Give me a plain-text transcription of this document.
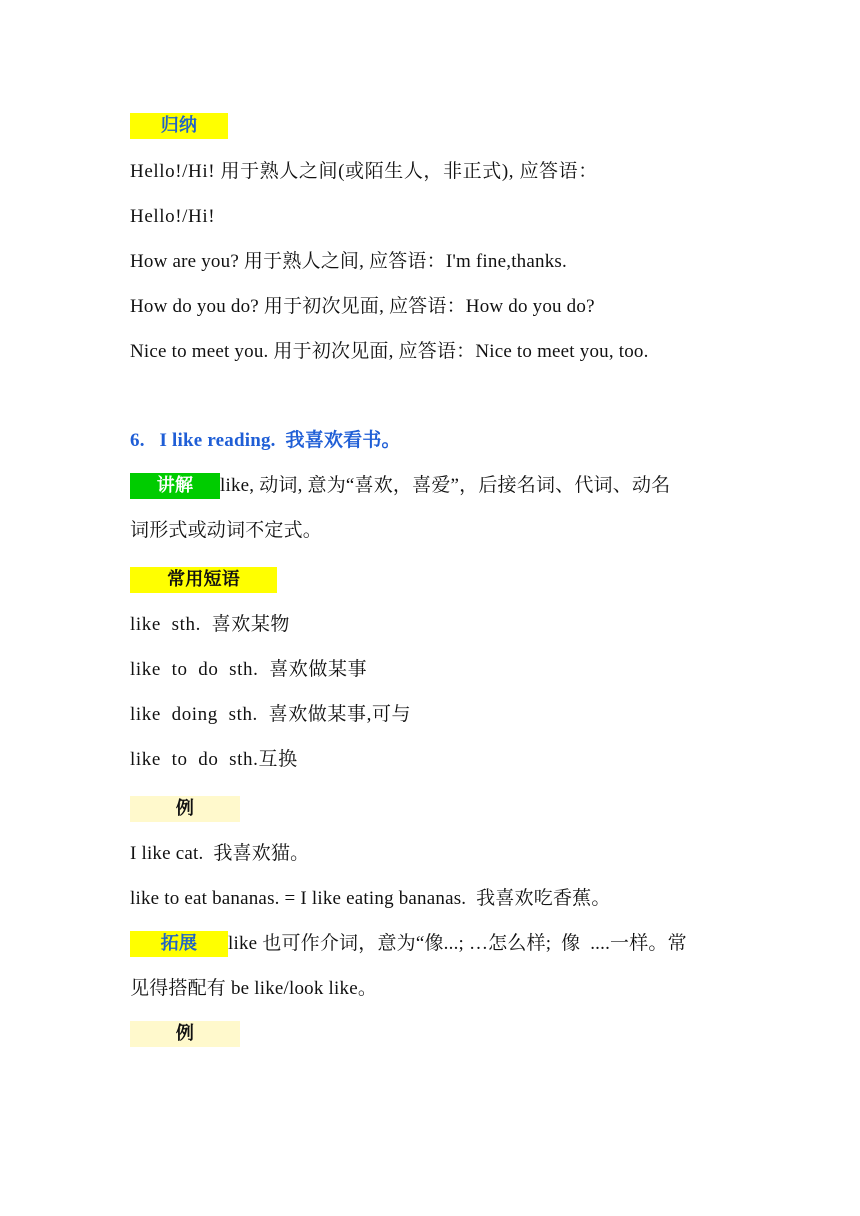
归纳
Hello!/Hi! 用于熟人之间(或陌生人，非正式), 应答语：
Hello!/Hi!
How are you? 用于熟人之间, 应答语：I'm fine,thanks.
How do you do? 用于初次见面, 应答语：How do you do?
Nice to meet you. 用于初次见面, 应答语：Nice to meet you, too.
6.   I like reading.  我喜欢看书。
讲解 like, 动词, 意为“喜欢，喜爱”，后接名词、代词、动名
词形式或动词不定式。
常用短语
like  sth.  喜欢某物
like  to  do  sth.  喜欢做某事
like  doing  sth.  喜欢做某事,可与
like  to  do  sth.互换
例
I like cat.  我喜欢猫。
like to eat bananas. = I like eating bananas.  我喜欢吃香蕉。
拓展 like 也可作介词，意为“像...; …怎么样;  像  ....一样。常
见得搭配有 be like/look like。
例
